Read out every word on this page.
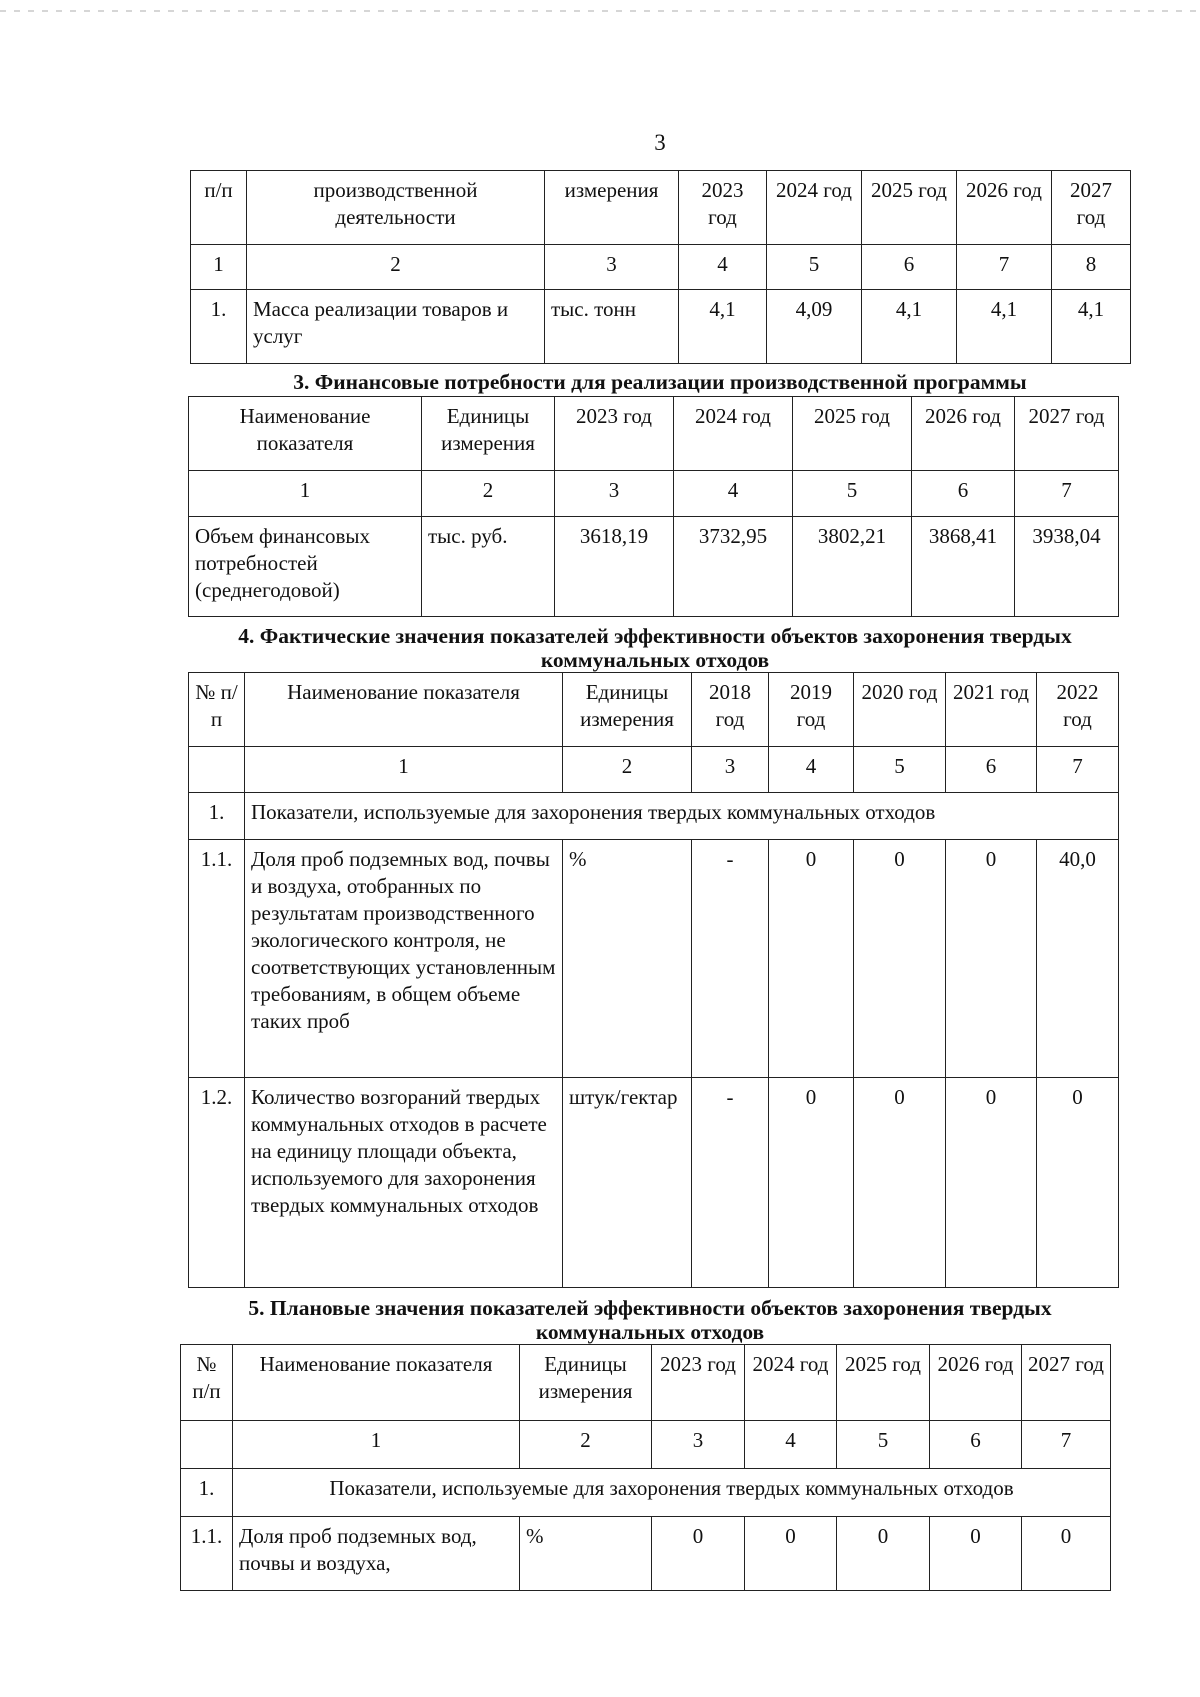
3
п/п	производственной деятельности	измерения	2023 год	2024 год	2025 год	2026 год	2027 год
1	2	3	4	5	6	7	8
1.	Масса реализации товаров и услуг	тыс. тонн	4,1	4,09	4,1	4,1	4,1
3. Финансовые потребности для реализации производственной программы
Наименование показателя	Единицы измерения	2023 год	2024 год	2025 год	2026 год	2027 год
1	2	3	4	5	6	7
Объем финансовых потребностей (среднегодовой)	тыс. руб.	3618,19	3732,95	3802,21	3868,41	3938,04
4. Фактические значения показателей эффективности объектов захоронения твердых коммунальных отходов
№ п/п	Наименование показателя	Единицы измерения	2018 год	2019 год	2020 год	2021 год	2022 год
	1	2	3	4	5	6	7
1.	Показатели, используемые для захоронения твердых коммунальных отходов						
1.1.	Доля проб подземных вод, почвы и воздуха, отобранных по результатам производственного экологического контроля, не соответствующих установленным требованиям, в общем объеме таких проб	%	-	0	0	0	40,0
1.2.	Количество возгораний твердых коммунальных отходов в расчете на единицу площади объекта, используемого для захоронения твердых коммунальных отходов	штук/гектар	-	0	0	0	0
5. Плановые значения показателей эффективности объектов захоронения твердых коммунальных отходов
№ п/п	Наименование показателя	Единицы измерения	2023 год	2024 год	2025 год	2026 год	2027 год
	1	2	3	4	5	6	7
1.	Показатели, используемые для захоронения твердых коммунальных отходов						
1.1.	Доля проб подземных вод, почвы и воздуха,	%	0	0	0	0	0
